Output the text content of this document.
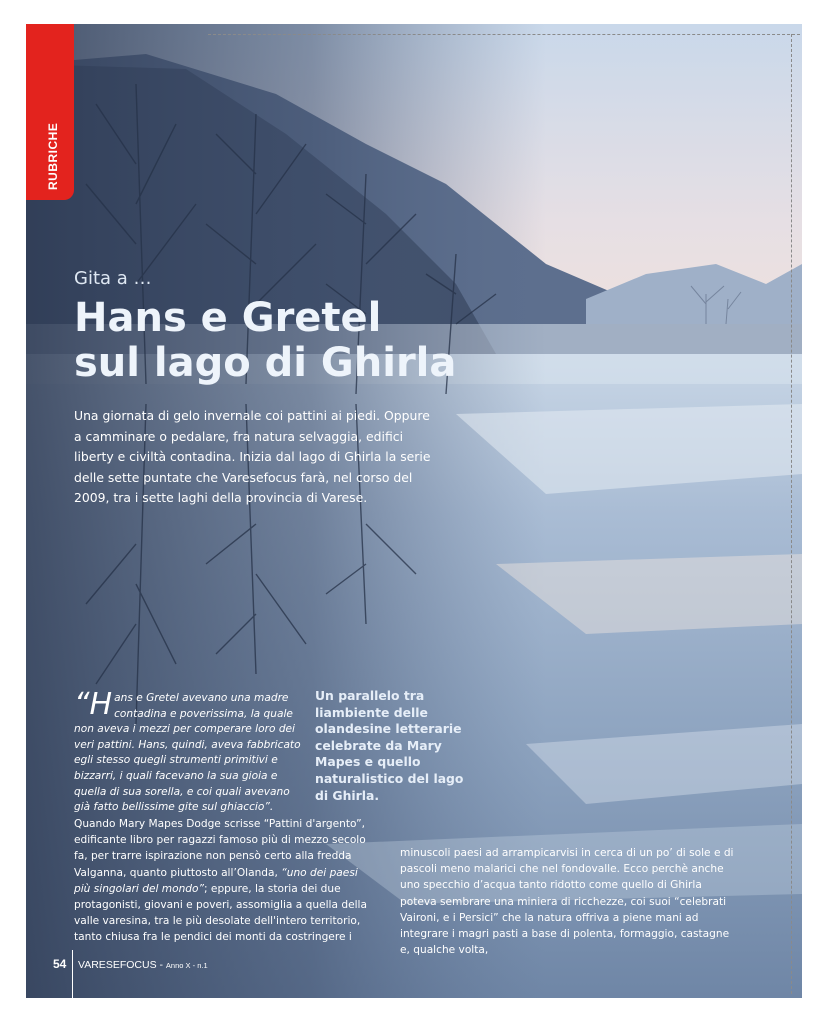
RUBRICHE
Gita a …
Hans e Gretel
sul lago di Ghirla

Una giornata di gelo invernale coi pattini ai piedi. Oppure a camminare o pedalare, fra natura selvaggia, edifici liberty e civiltà contadina. Inizia dal lago di Ghirla la serie delle sette puntate che Varesefocus farà, nel corso del 2009, tra i sette laghi della provincia di Varese.

“Hans e Gretel avevano una madre contadina e poverissima, la quale non aveva i mezzi per comperare loro dei veri pattini. Hans, quindi, aveva fabbricato egli stesso quegli strumenti primitivi e bizzarri, i quali facevano la sua gioia e quella di sua sorella, e coi quali avevano già fatto bellissime gite sul ghiaccio”.

Un parallelo tra liambiente delle olandesine letterarie celebrate da Mary Mapes e quello naturalistico del lago di Ghirla.

Quando Mary Mapes Dodge scrisse “Pattini d'argento”, edificante libro per ragazzi famoso più di mezzo secolo fa, per trarre ispirazione non pensò certo alla fredda Valganna, quanto piuttosto all’Olanda, “uno dei paesi più singolari del mondo”; eppure, la storia dei due protagonisti, giovani e poveri, assomiglia a quella della valle varesina, tra le più desolate dell'intero territorio, tanto chiusa fra le pendici dei monti da costringere i

minuscoli paesi ad arrampicarvisi in cerca di un po’ di sole e di pascoli meno malarici che nel fondovalle. Ecco perchè anche uno specchio d’acqua tanto ridotto come quello di Ghirla poteva sembrare una miniera di ricchezze, coi suoi “celebrati Vaironi, e i Persici” che la natura offriva a piene mani ad integrare i magri pasti a base di polenta, formaggio, castagne e, qualche volta,

54 VARESEFOCUS - Anno X - n.1
